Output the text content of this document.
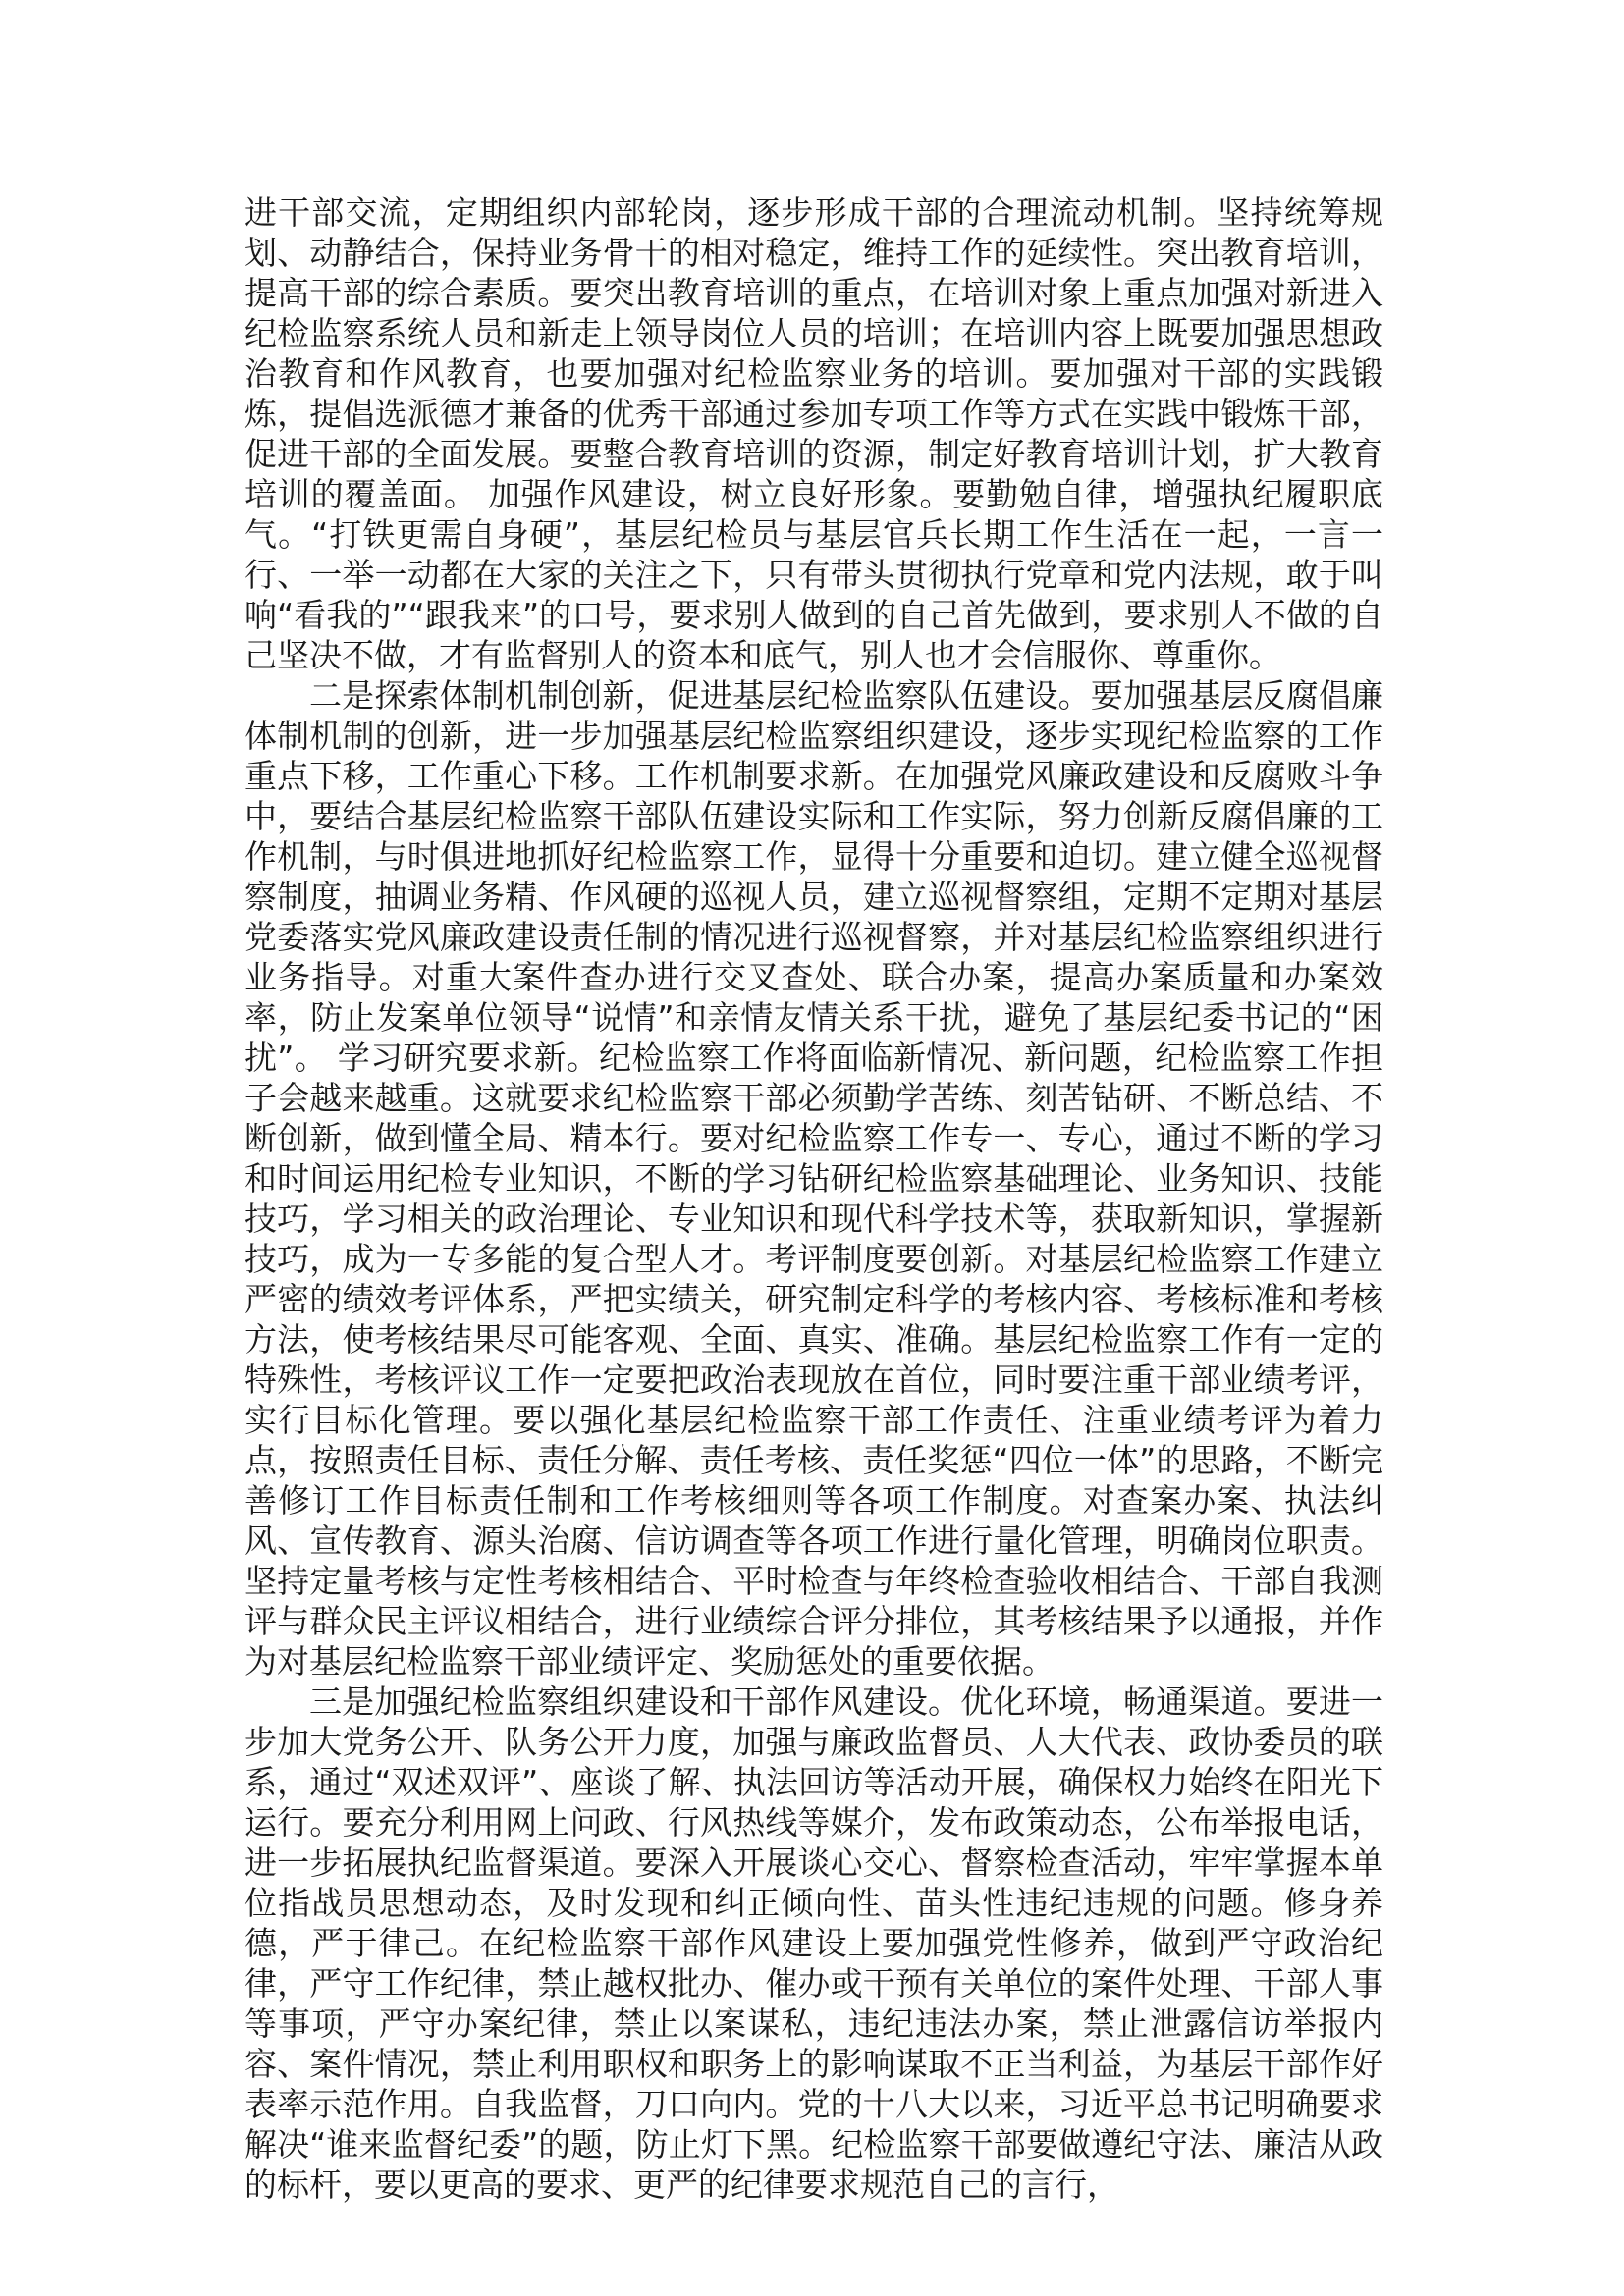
进干部交流，定期组织内部轮岗，逐步形成干部的合理流动机制。坚持统筹规划、动静结合，保持业务骨干的相对稳定，维持工作的延续性。突出教育培训，提高干部的综合素质。要突出教育培训的重点，在培训对象上重点加强对新进入纪检监察系统人员和新走上领导岗位人员的培训；在培训内容上既要加强思想政治教育和作风教育，也要加强对纪检监察业务的培训。要加强对干部的实践锻炼，提倡选派德才兼备的优秀干部通过参加专项工作等方式在实践中锻炼干部，促进干部的全面发展。要整合教育培训的资源，制定好教育培训计划，扩大教育培训的覆盖面。 加强作风建设，树立良好形象。要勤勉自律，增强执纪履职底气。“打铁更需自身硬”，基层纪检员与基层官兵长期工作生活在一起，一言一行、一举一动都在大家的关注之下，只有带头贯彻执行党章和党内法规，敢于叫响“看我的”“跟我来”的口号，要求别人做到的自己首先做到，要求别人不做的自己坚决不做，才有监督别人的资本和底气，别人也才会信服你、尊重你。

二是探索体制机制创新，促进基层纪检监察队伍建设。要加强基层反腐倡廉体制机制的创新，进一步加强基层纪检监察组织建设，逐步实现纪检监察的工作重点下移，工作重心下移。工作机制要求新。在加强党风廉政建设和反腐败斗争中，要结合基层纪检监察干部队伍建设实际和工作实际，努力创新反腐倡廉的工作机制，与时俱进地抓好纪检监察工作，显得十分重要和迫切。建立健全巡视督察制度，抽调业务精、作风硬的巡视人员，建立巡视督察组，定期不定期对基层党委落实党风廉政建设责任制的情况进行巡视督察，并对基层纪检监察组织进行业务指导。对重大案件查办进行交叉查处、联合办案，提高办案质量和办案效率，防止发案单位领导“说情”和亲情友情关系干扰，避免了基层纪委书记的“困扰”。 学习研究要求新。纪检监察工作将面临新情况、新问题，纪检监察工作担子会越来越重。这就要求纪检监察干部必须勤学苦练、刻苦钻研、不断总结、不断创新，做到懂全局、精本行。要对纪检监察工作专一、专心，通过不断的学习和时间运用纪检专业知识，不断的学习钻研纪检监察基础理论、业务知识、技能技巧，学习相关的政治理论、专业知识和现代科学技术等，获取新知识，掌握新技巧，成为一专多能的复合型人才。考评制度要创新。对基层纪检监察工作建立严密的绩效考评体系，严把实绩关，研究制定科学的考核内容、考核标准和考核方法，使考核结果尽可能客观、全面、真实、准确。基层纪检监察工作有一定的特殊性，考核评议工作一定要把政治表现放在首位，同时要注重干部业绩考评，实行目标化管理。要以强化基层纪检监察干部工作责任、注重业绩考评为着力点，按照责任目标、责任分解、责任考核、责任奖惩“四位一体”的思路，不断完善修订工作目标责任制和工作考核细则等各项工作制度。对查案办案、执法纠风、宣传教育、源头治腐、信访调查等各项工作进行量化管理，明确岗位职责。坚持定量考核与定性考核相结合、平时检查与年终检查验收相结合、干部自我测评与群众民主评议相结合，进行业绩综合评分排位，其考核结果予以通报，并作为对基层纪检监察干部业绩评定、奖励惩处的重要依据。

三是加强纪检监察组织建设和干部作风建设。优化环境，畅通渠道。要进一步加大党务公开、队务公开力度，加强与廉政监督员、人大代表、政协委员的联系，通过“双述双评”、座谈了解、执法回访等活动开展，确保权力始终在阳光下运行。要充分利用网上问政、行风热线等媒介，发布政策动态，公布举报电话，进一步拓展执纪监督渠道。要深入开展谈心交心、督察检查活动，牢牢掌握本单位指战员思想动态，及时发现和纠正倾向性、苗头性违纪违规的问题。修身养德，严于律己。在纪检监察干部作风建设上要加强党性修养，做到严守政治纪律，严守工作纪律，禁止越权批办、催办或干预有关单位的案件处理、干部人事等事项，严守办案纪律，禁止以案谋私，违纪违法办案，禁止泄露信访举报内容、案件情况，禁止利用职权和职务上的影响谋取不正当利益，为基层干部作好表率示范作用。自我监督，刀口向内。党的十八大以来，习近平总书记明确要求解决“谁来监督纪委”的题，防止灯下黑。纪检监察干部要做遵纪守法、廉洁从政的标杆，要以更高的要求、更严的纪律要求规范自己的言行，
